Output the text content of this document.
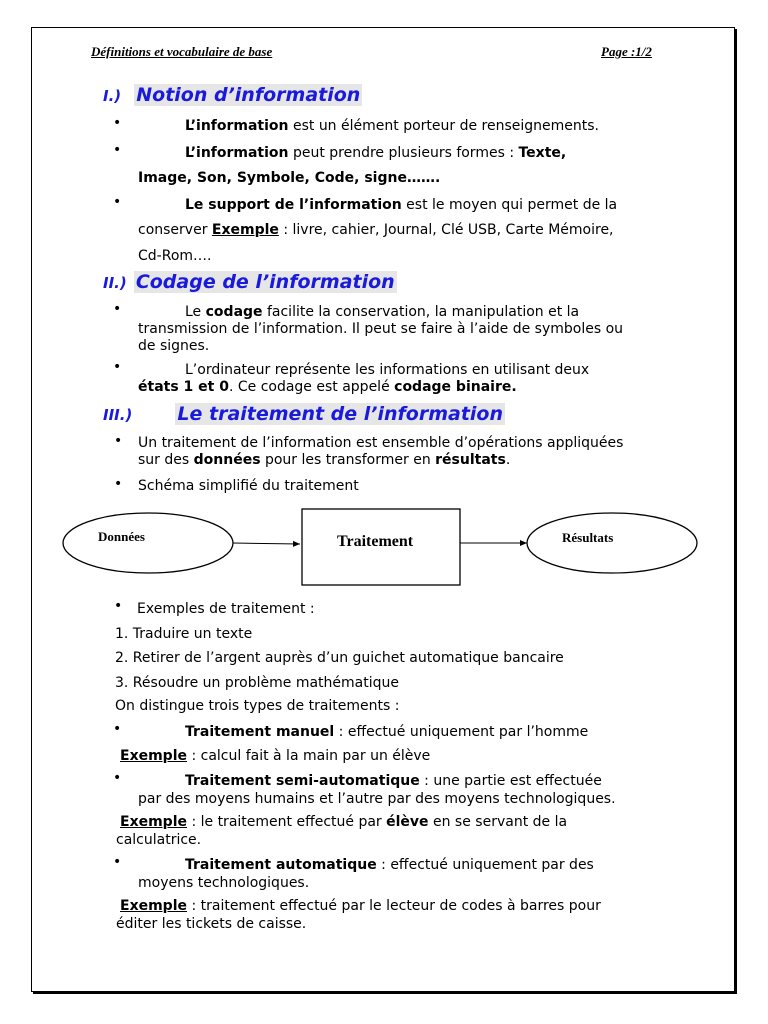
Définitions et vocabulaire de base	Page :1/2
I.) Notion d’information
•	L’information est un élément porteur de renseignements.
•	L’information peut prendre plusieurs formes : Texte,
Image, Son, Symbole, Code, signe…….
•	Le support de l’information est le moyen qui permet de la
conserver Exemple : livre, cahier, Journal, Clé USB, Carte Mémoire,
Cd-Rom….
II.) Codage de l’information
•	Le codage facilite la conservation, la manipulation et la
transmission de l’information. Il peut se faire à l’aide de symboles ou
de signes.
•	L’ordinateur représente les informations en utilisant deux
états 1 et 0. Ce codage est appelé codage binaire.
III.) Le traitement de l’information
• Un traitement de l’information est ensemble d’opérations appliquées
sur des données pour les transformer en résultats.
• Schéma simplifié du traitement
Données	Traitement	Résultats
• Exemples de traitement :
1. Traduire un texte
2. Retirer de l’argent auprès d’un guichet automatique bancaire
3. Résoudre un problème mathématique
On distingue trois types de traitements :
•	Traitement manuel : effectué uniquement par l’homme
Exemple : calcul fait à la main par un élève
•	Traitement semi-automatique : une partie est effectuée
par des moyens humains et l’autre par des moyens technologiques.
Exemple : le traitement effectué par élève en se servant de la
calculatrice.
•	Traitement automatique : effectué uniquement par des
moyens technologiques.
Exemple : traitement effectué par le lecteur de codes à barres pour
éditer les tickets de caisse.
